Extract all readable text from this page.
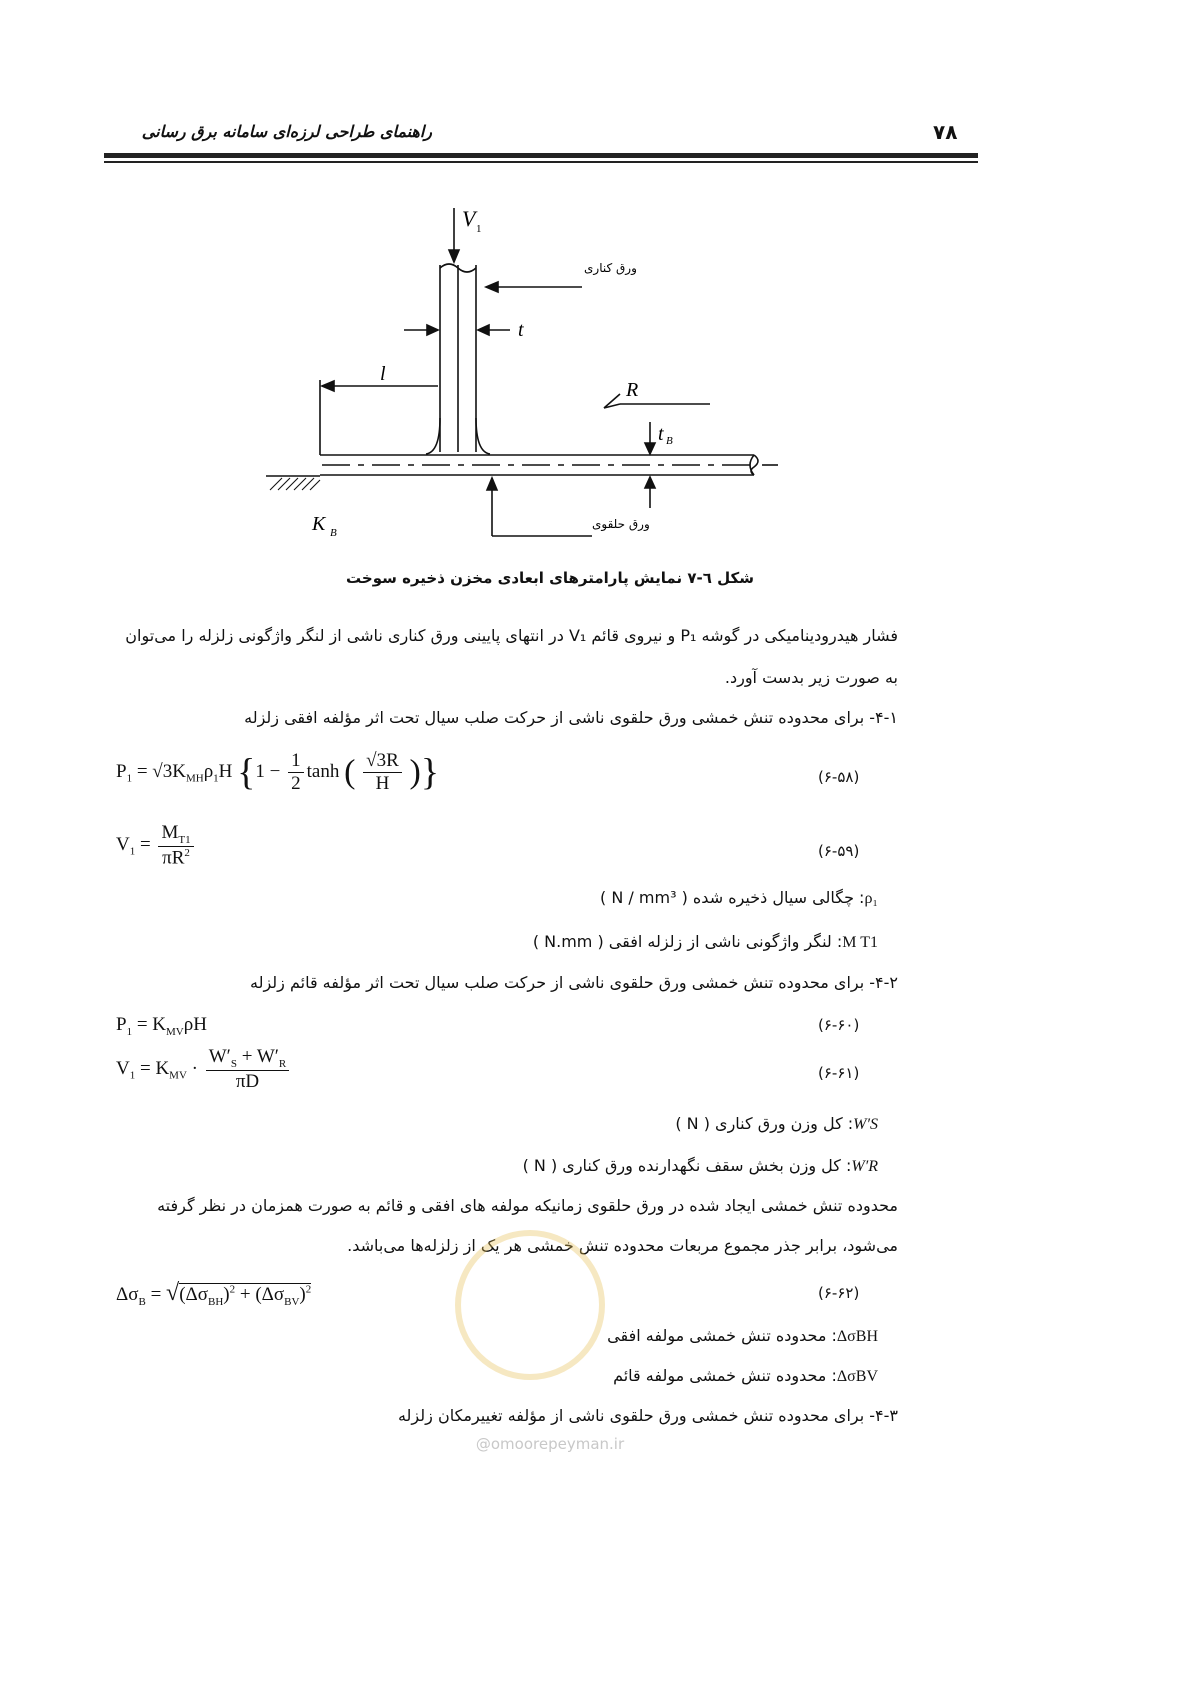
راهنمای طراحی لرزه‌ای سامانه برق رسانی	۷۸
V 1
ورق کناری
t
l
R
t B
K B
ورق حلقوی
شکل ٦-۷ نمایش پارامترهای ابعادی مخزن ذخیره سوخت
فشار هیدرودینامیکی در گوشه P₁ و نیروی قائم V₁ در انتهای پایینی ورق کناری ناشی از لنگر واژگونی زلزله را می‌توان
به صورت زیر بدست آورد.
۴-۱- برای محدوده تنش خمشی ورق حلقوی ناشی از حرکت صلب سیال تحت اثر مؤلفه افقی زلزله
$P_1 = √3K_{MH}\rho_1H$ {$1 - \frac{1}{2}$ tanh ( $\frac{√3R}{H}$ )}	(۶-۵۸)
$V_1 = \frac{M_{T1}}{\pi R^2}$	(۶-۵۹)
ρ₁: چگالی سیال ذخیره شده ( N / mm³ )
M T1: لنگر واژگونی ناشی از زلزله افقی ( N.mm )
۴-۲- برای محدوده تنش خمشی ورق حلقوی ناشی از حرکت صلب سیال تحت اثر مؤلفه قائم زلزله
$P_1 = K_{MV}\rho H$	(۶-۶۰)
$V_1 = K_{MV} \cdot \frac{W'_S + W'_R}{\pi D}$	(۶-۶۱)
W′S: کل وزن ورق کناری ( N )
W′R: کل وزن بخش سقف نگهدارنده ورق کناری ( N )
محدوده تنش خمشی ایجاد شده در ورق حلقوی زمانیکه مولفه های افقی و قائم به صورت همزمان در نظر گرفته
می‌شود، برابر جذر مجموع مربعات محدوده تنش خمشی هر یک از زلزله‌ها می‌باشد.
$\Delta\sigma_B = √(\Delta\sigma_{BH})^2 + (\Delta\sigma_{BV})^2$	(۶-۶۲)
ΔσBH: محدوده تنش خمشی مولفه افقی
ΔσBV: محدوده تنش خمشی مولفه قائم
۴-۳- برای محدوده تنش خمشی ورق حلقوی ناشی از مؤلفه تغییرمکان زلزله
@omoorepeyman.ir
